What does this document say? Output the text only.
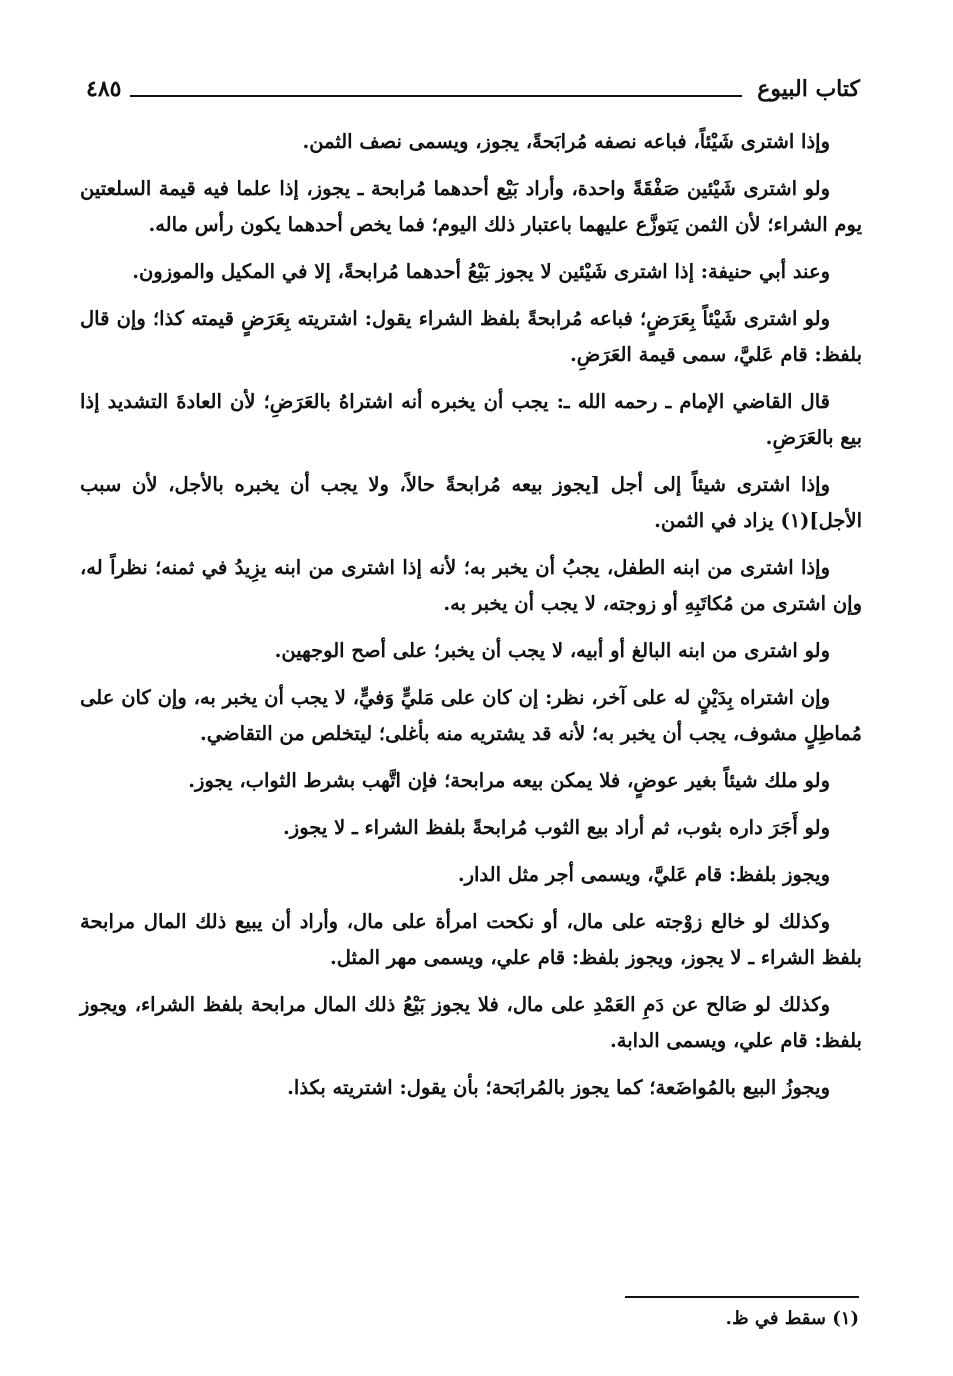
كتاب البيوع
٤٨٥

وإذا اشترى شَيْئاً، فباعه نصفه مُرابَحةً، يجوز، ويسمى نصف الثمن.

ولو اشترى شَيْئين صَفْقَةً واحدة، وأراد بَيْع أحدهما مُرابحة ـ يجوز، إذا علما فيه قيمة السلعتين يوم الشراء؛ لأن الثمن يَتوزَّع عليهما باعتبار ذلك اليوم؛ فما يخص أحدهما يكون رأس ماله.

وعند أبي حنيفة: إذا اشترى شَيْئين لا يجوز بَيْعُ أحدهما مُرابحةً، إلا في المكيل والموزون.

ولو اشترى شَيْئاً بِعَرَضٍ؛ فباعه مُرابحةً بلفظ الشراء يقول: اشتريته بِعَرَضٍ قيمته كذا؛ وإن قال بلفظ: قام عَليَّ، سمى قيمة العَرَضِ.

قال القاضي الإمام ـ رحمه الله ـ: يجب أن يخبره أنه اشتراهُ بالعَرَضِ؛ لأن العادةَ التشديد إذا بيع بالعَرَضِ.

وإذا اشترى شيئاً إلى أجل [يجوز بيعه مُرابحةً حالاً، ولا يجب أن يخبره بالأجل، لأن سبب الأجل](١) يزاد في الثمن.

وإذا اشترى من ابنه الطفل، يجبُ أن يخبر به؛ لأنه إذا اشترى من ابنه يزِيدُ في ثمنه؛ نظراً له، وإن اشترى من مُكاتَبِهِ أو زوجته، لا يجب أن يخبر به.

ولو اشترى من ابنه البالغ أو أبيه، لا يجب أن يخبر؛ على أصح الوجهين.

وإن اشتراه بِدَيْنٍ له على آخر، نظر: إن كان على مَليٍّ وَفيٍّ، لا يجب أن يخبر به، وإن كان على مُماطِلٍ مشوف، يجب أن يخبر به؛ لأنه قد يشتريه منه بأغلى؛ ليتخلص من التقاضي.

ولو ملك شيئاً بغير عوضٍ، فلا يمكن بيعه مرابحة؛ فإن اتَّهب بشرط الثواب، يجوز.

ولو أَجَرَ داره بثوب، ثم أراد بيع الثوب مُرابحةً بلفظ الشراء ـ لا يجوز.

ويجوز بلفظ: قام عَليَّ، ويسمى أجر مثل الدار.

وكذلك لو خالع زوْجته على مال، أو نكحت امرأة على مال، وأراد أن يبيع ذلك المال مرابحة بلفظ الشراء ـ لا يجوز، ويجوز بلفظ: قام علي، ويسمى مهر المثل.

وكذلك لو صَالح عن دَمِ العَمْدِ على مال، فلا يجوز بَيْعُ ذلك المال مرابحة بلفظ الشراء، ويجوز بلفظ: قام علي، ويسمى الدابة.

ويجوزُ البيع بالمُواضَعة؛ كما يجوز بالمُرابَحة؛ بأن يقول: اشتريته بكذا.

(١) سقط في ظ.
